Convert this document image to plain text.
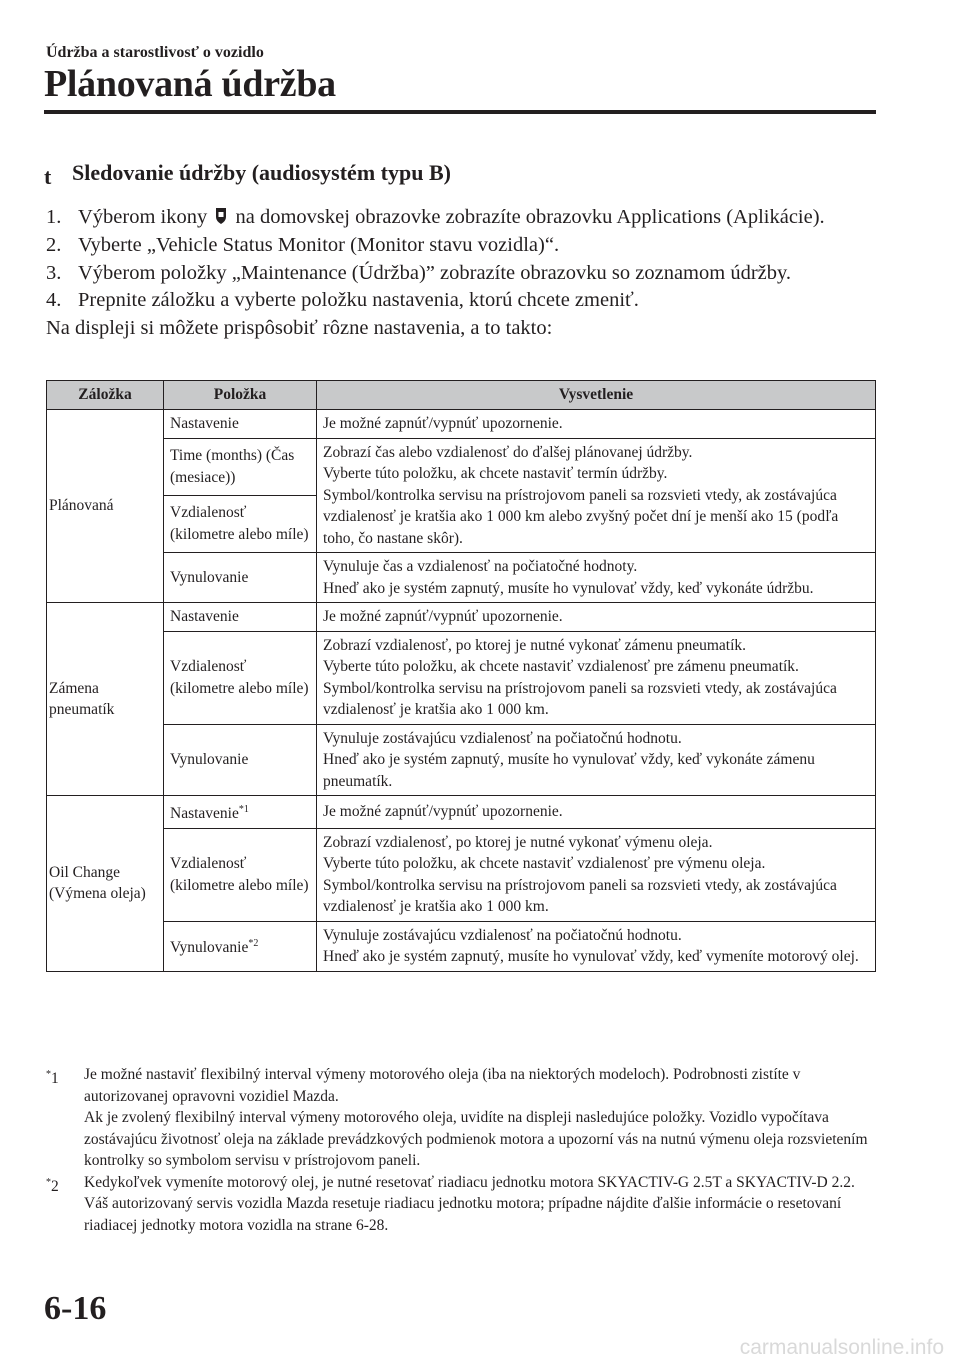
Údržba a starostlivosť o vozidlo
Plánovaná údržba
t Sledovanie údržby (audiosystém typu B)
1. Výberom ikony na domovskej obrazovke zobrazíte obrazovku Applications (Aplikácie).
2. Vyberte „Vehicle Status Monitor (Monitor stavu vozidla)“.
3. Výberom položky „Maintenance (Údržba)” zobrazíte obrazovku so zoznamom údržby.
4. Prepnite záložku a vyberte položku nastavenia, ktorú chcete zmeniť.
Na displeji si môžete prispôsobiť rôzne nastavenia, a to takto:
Záložka	Položka	Vysvetlenie
Plánovaná	Nastavenie	Je možné zapnúť/vypnúť upozornenie.

	Time (months) (Čas (mesiace))	Zobrazí čas alebo vzdialenosť do ďalšej plánovanej údržby.
Vyberte túto položku, ak chcete nastaviť termín údržby.
Symbol/kontrolka servisu na prístrojovom paneli sa rozsvieti vtedy, ak zostávajúca vzdialenosť je kratšia ako 1 000 km alebo zvyšný počet dní je menší ako 15 (podľa toho, čo nastane skôr).

	Vzdialenosť (kilometre alebo míle)	
	Vynulovanie	Vynuluje čas a vzdialenosť na počiatočné hodnoty.
Hneď ako je systém zapnutý, musíte ho vynulovať vždy, keď vykonáte údržbu.

Zámena pneumatík	Nastavenie	Je možné zapnúť/vypnúť upozornenie.

	Vzdialenosť (kilometre alebo míle)	Zobrazí vzdialenosť, po ktorej je nutné vykonať zámenu pneumatík.
Vyberte túto položku, ak chcete nastaviť vzdialenosť pre zámenu pneumatík.
Symbol/kontrolka servisu na prístrojovom paneli sa rozsvieti vtedy, ak zostávajúca vzdialenosť je kratšia ako 1 000 km.

	Vynulovanie	Vynuluje zostávajúcu vzdialenosť na počiatočnú hodnotu.
Hneď ako je systém zapnutý, musíte ho vynulovať vždy, keď vykonáte zámenu pneumatík.

Oil Change (Výmena oleja)	Nastavenie$^{*1}$	Je možné zapnúť/vypnúť upozornenie.

	Vzdialenosť (kilometre alebo míle)	Zobrazí vzdialenosť, po ktorej je nutné vykonať výmenu oleja.
Vyberte túto položku, ak chcete nastaviť vzdialenosť pre výmenu oleja.
Symbol/kontrolka servisu na prístrojovom paneli sa rozsvieti vtedy, ak zostávajúca vzdialenosť je kratšia ako 1 000 km.

	Vynulovanie$^{*2}$	Vynuluje zostávajúcu vzdialenosť na počiatočnú hodnotu.
Hneď ako je systém zapnutý, musíte ho vynulovať vždy, keď vymeníte motorový olej.
*1	Je možné nastaviť flexibilný interval výmeny motorového oleja (iba na niektorých modeloch). Podrobnosti zistíte v autorizovanej opravovni vozidiel Mazda.
Ak je zvolený flexibilný interval výmeny motorového oleja, uvidíte na displeji nasledujúce položky. Vozidlo vypočítava zostávajúcu životnosť oleja na základe prevádzkových podmienok motora a upozorní vás na nutnú výmenu oleja rozsvietením kontrolky so symbolom servisu v prístrojovom paneli.
*2	Kedykoľvek vymeníte motorový olej, je nutné resetovať riadiacu jednotku motora SKYACTIV-G 2.5T a SKYACTIV-D 2.2.
Váš autorizovaný servis vozidla Mazda resetuje riadiacu jednotku motora; prípadne nájdite ďalšie informácie o resetovaní riadiacej jednotky motora vozidla na strane 6-28.
6-16
carmanualsonline.info
